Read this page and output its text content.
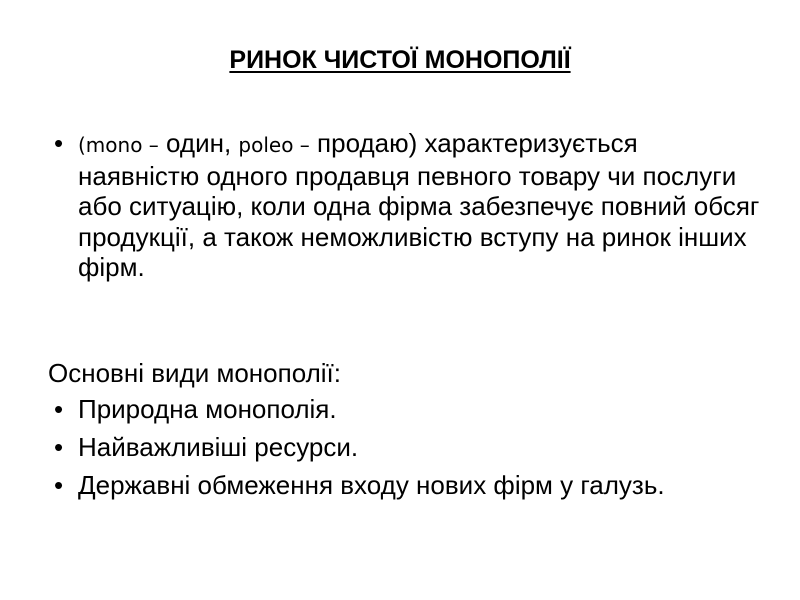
РИНОК ЧИСТОЇ МОНОПОЛІЇ
• (mono – один, poleo – продаю) характеризується наявністю одного продавця певного товару чи послуги або ситуацію, коли одна фірма забезпечує повний обсяг продукції, а також неможливістю вступу на ринок інших фірм.

Основні види монополії:

• Природна монополія.
• Найважливіші ресурси.
• Державні обмеження входу нових фірм у галузь.
